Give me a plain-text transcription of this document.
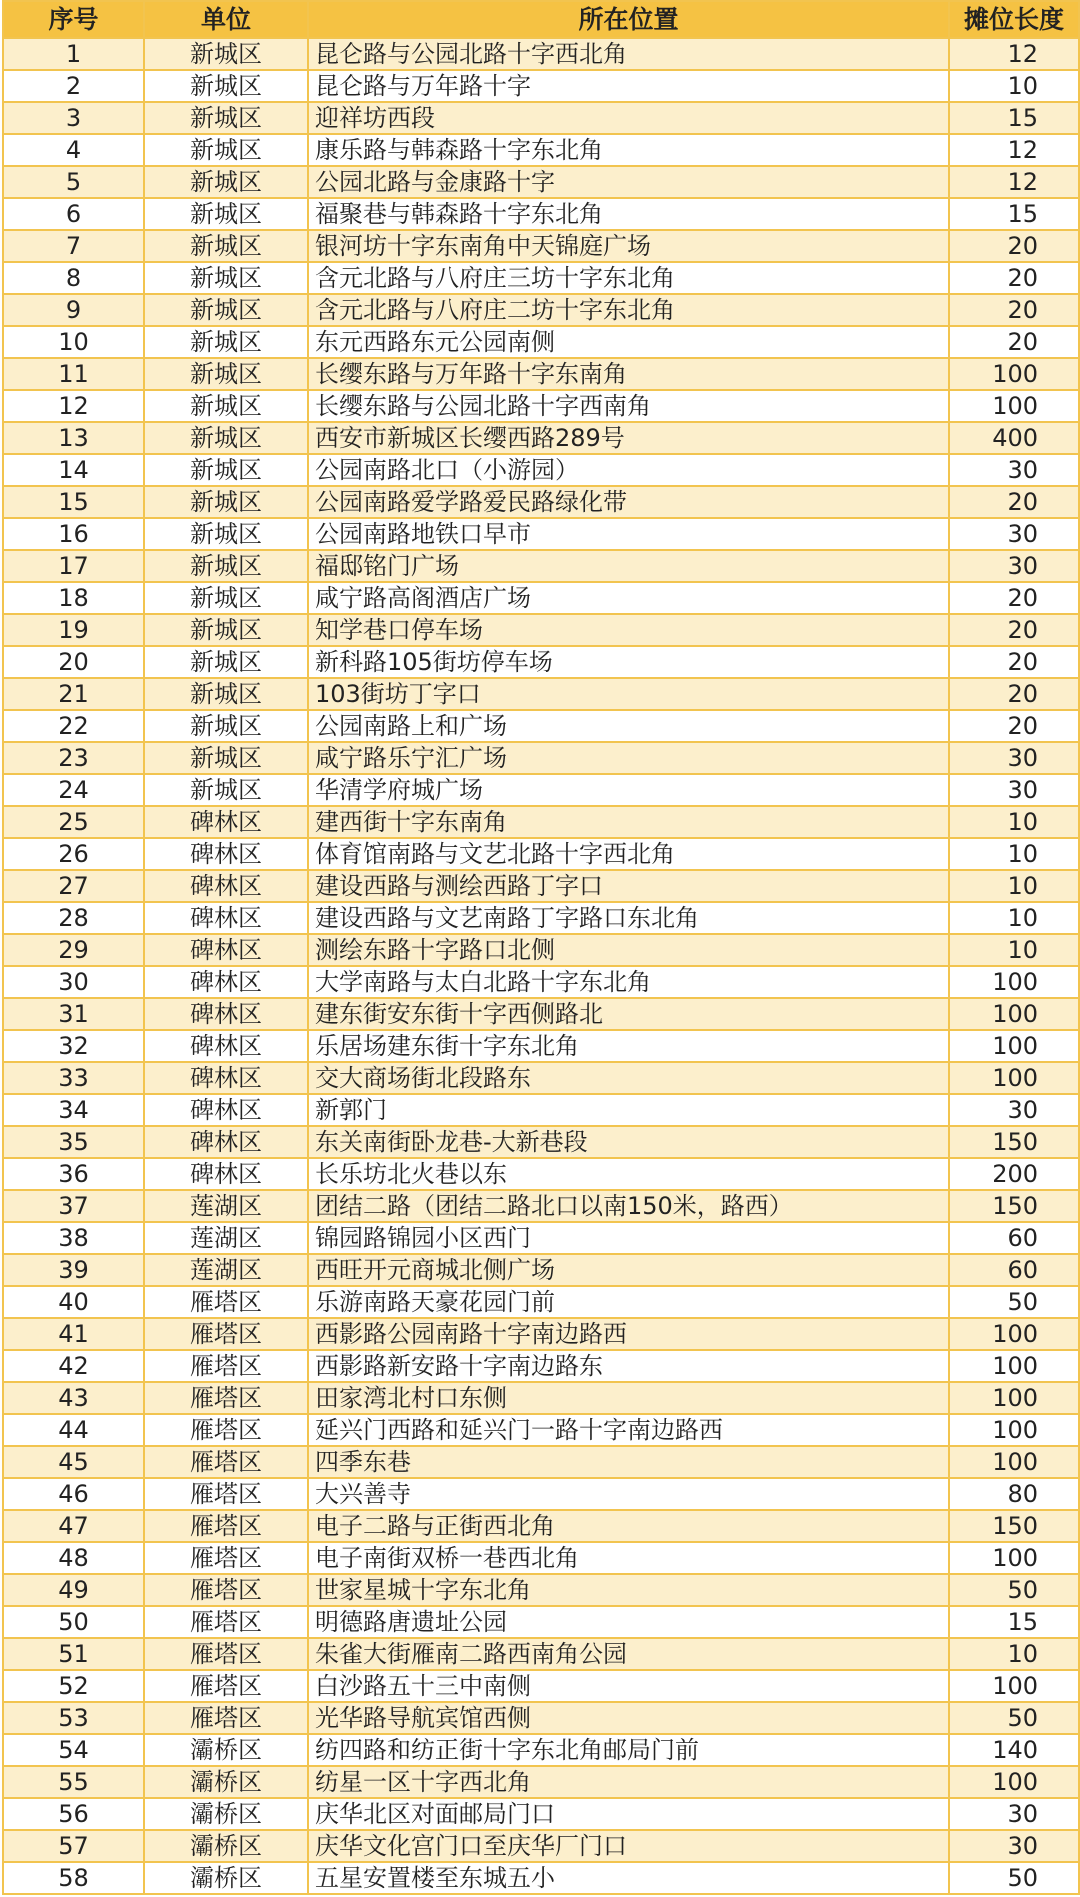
序号	单位	所在位置	摊位长度
1	新城区	昆仑路与公园北路十字西北角	12
2	新城区	昆仑路与万年路十字	10
3	新城区	迎祥坊西段	15
4	新城区	康乐路与韩森路十字东北角	12
5	新城区	公园北路与金康路十字	12
6	新城区	福聚巷与韩森路十字东北角	15
7	新城区	银河坊十字东南角中天锦庭广场	20
8	新城区	含元北路与八府庄三坊十字东北角	20
9	新城区	含元北路与八府庄二坊十字东北角	20
10	新城区	东元西路东元公园南侧	20
11	新城区	长缨东路与万年路十字东南角	100
12	新城区	长缨东路与公园北路十字西南角	100
13	新城区	西安市新城区长缨西路289号	400
14	新城区	公园南路北口（小游园）	30
15	新城区	公园南路爱学路爱民路绿化带	20
16	新城区	公园南路地铁口早市	30
17	新城区	福邸铭门广场	30
18	新城区	咸宁路高阁酒店广场	20
19	新城区	知学巷口停车场	20
20	新城区	新科路105街坊停车场	20
21	新城区	103街坊丁字口	20
22	新城区	公园南路上和广场	20
23	新城区	咸宁路乐宁汇广场	30
24	新城区	华清学府城广场	30
25	碑林区	建西街十字东南角	10
26	碑林区	体育馆南路与文艺北路十字西北角	10
27	碑林区	建设西路与测绘西路丁字口	10
28	碑林区	建设西路与文艺南路丁字路口东北角	10
29	碑林区	测绘东路十字路口北侧	10
30	碑林区	大学南路与太白北路十字东北角	100
31	碑林区	建东街安东街十字西侧路北	100
32	碑林区	乐居场建东街十字东北角	100
33	碑林区	交大商场街北段路东	100
34	碑林区	新郭门	30
35	碑林区	东关南街卧龙巷-大新巷段	150
36	碑林区	长乐坊北火巷以东	200
37	莲湖区	团结二路（团结二路北口以南150米，路西）	150
38	莲湖区	锦园路锦园小区西门	60
39	莲湖区	西旺开元商城北侧广场	60
40	雁塔区	乐游南路天豪花园门前	50
41	雁塔区	西影路公园南路十字南边路西	100
42	雁塔区	西影路新安路十字南边路东	100
43	雁塔区	田家湾北村口东侧	100
44	雁塔区	延兴门西路和延兴门一路十字南边路西	100
45	雁塔区	四季东巷	100
46	雁塔区	大兴善寺	80
47	雁塔区	电子二路与正街西北角	150
48	雁塔区	电子南街双桥一巷西北角	100
49	雁塔区	世家星城十字东北角	50
50	雁塔区	明德路唐遗址公园	15
51	雁塔区	朱雀大街雁南二路西南角公园	10
52	雁塔区	白沙路五十三中南侧	100
53	雁塔区	光华路导航宾馆西侧	50
54	灞桥区	纺四路和纺正街十字东北角邮局门前	140
55	灞桥区	纺星一区十字西北角	100
56	灞桥区	庆华北区对面邮局门口	30
57	灞桥区	庆华文化宫门口至庆华厂门口	30
58	灞桥区	五星安置楼至东城五小	50
